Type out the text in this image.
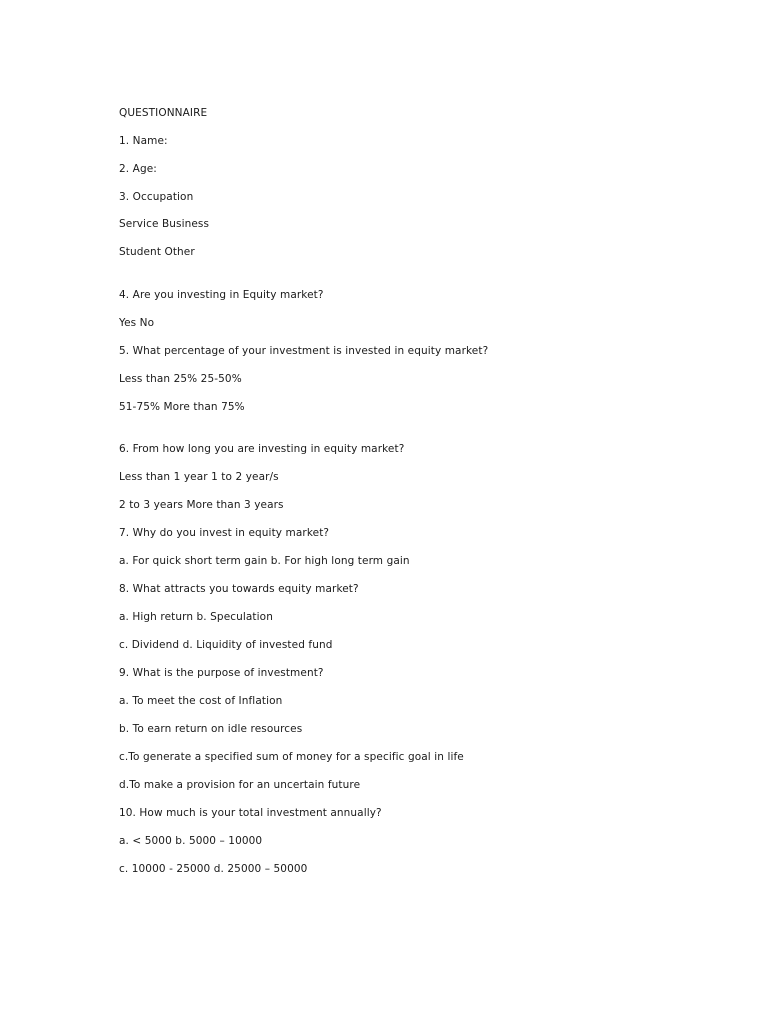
QUESTIONNAIRE
1. Name:
2. Age:
3. Occupation
Service Business
Student Other
4. Are you investing in Equity market?
Yes No
5. What percentage of your investment is invested in equity market?
Less than 25% 25-50%
51-75% More than 75%
6. From how long you are investing in equity market?
Less than 1 year 1 to 2 year/s
2 to 3 years More than 3 years
7. Why do you invest in equity market?
a. For quick short term gain b. For high long term gain
8. What attracts you towards equity market?
a. High return b. Speculation
c. Dividend d. Liquidity of invested fund
9. What is the purpose of investment?
a. To meet the cost of Inflation
b. To earn return on idle resources
c.To generate a specified sum of money for a specific goal in life
d.To make a provision for an uncertain future
10. How much is your total investment annually?
a. < 5000 b. 5000 – 10000
c. 10000 - 25000 d. 25000 – 50000
